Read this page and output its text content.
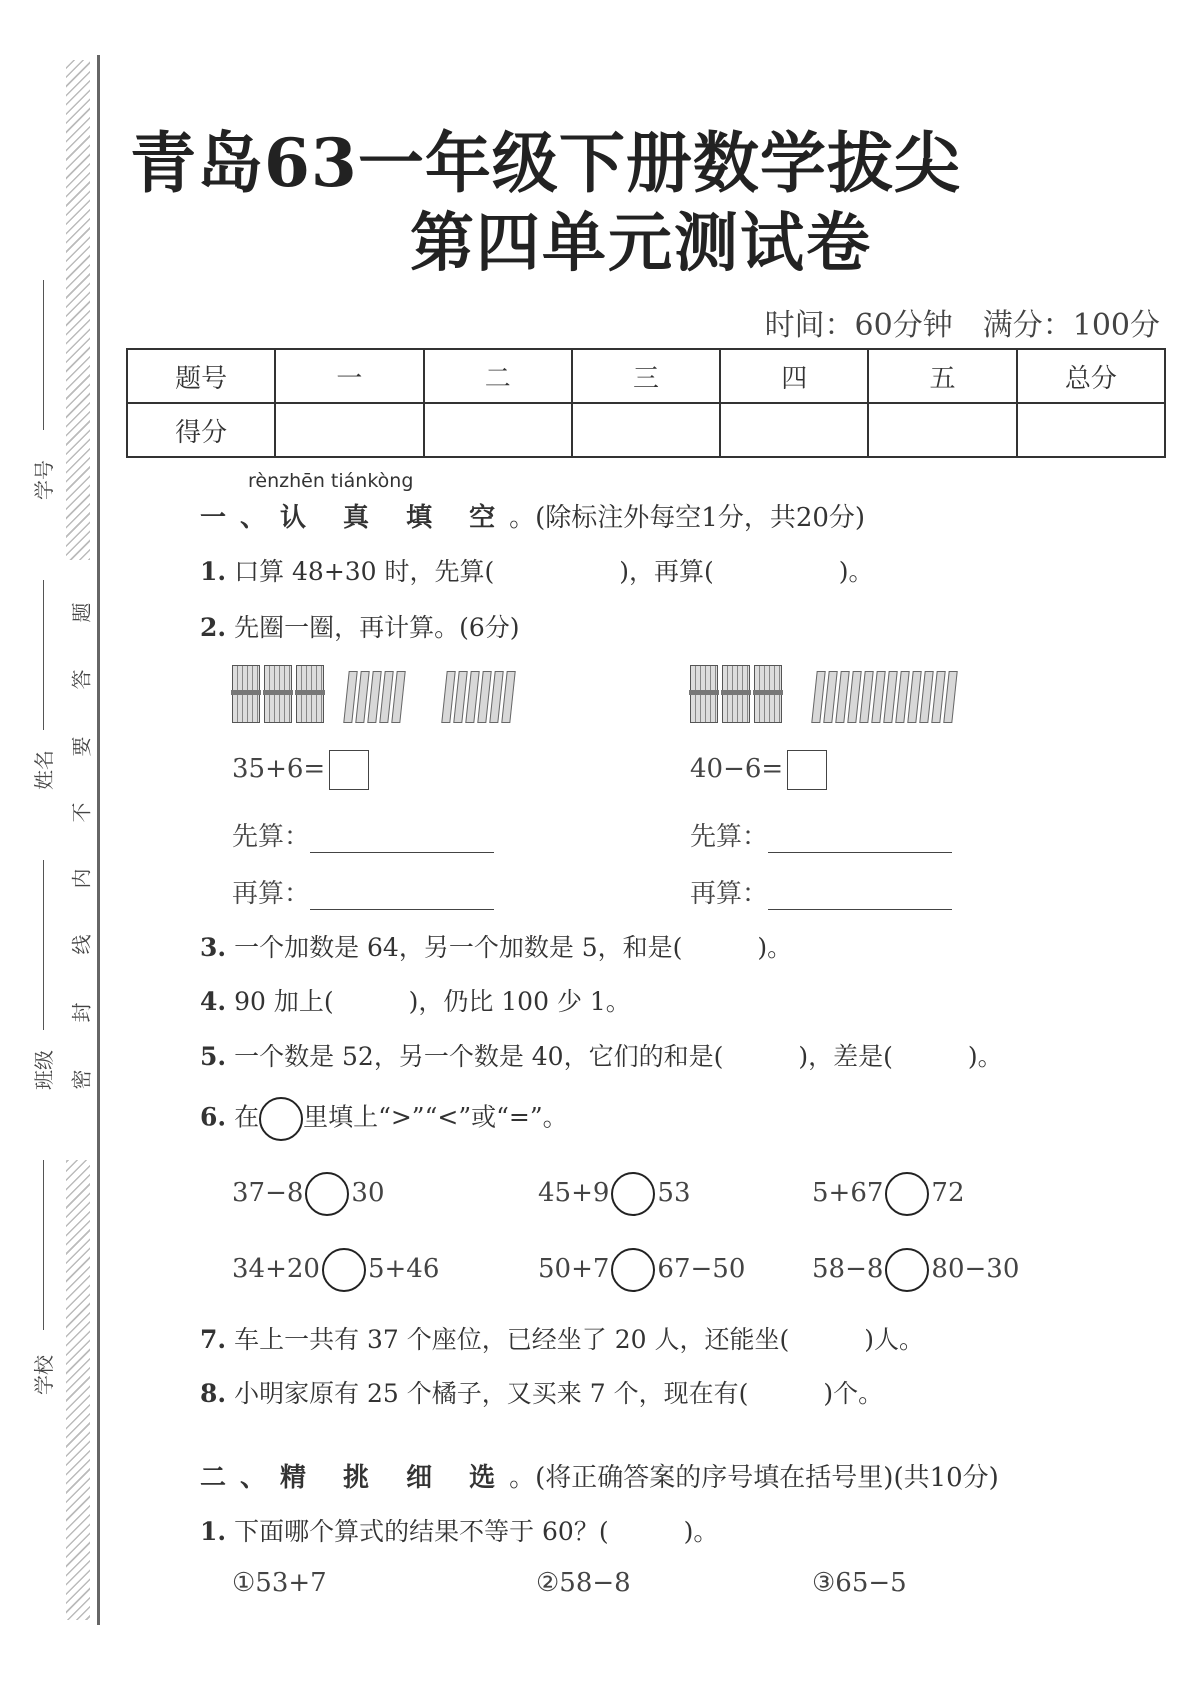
学号
姓名
班级
学校
密
封
线
内
不
要
答
题
青岛63一年级下册数学拔尖
第四单元测试卷
时间：60分钟　满分：100分
题号	一	二	三	四	五	总分
得分						
rènzhēn tiánkòng
一、认 真 填 空。(除标注外每空1分，共20分)
1. 口算 48+30 时，先算(　　　　　)，再算(　　　　　)。
2. 先圈一圈，再计算。(6分)

35+6=	40−6=
先算：	先算：
再算：	再算：
3. 一个加数是 64，另一个加数是 5，和是(　　　)。
4. 90 加上(　　　)，仍比 100 少 1。
5. 一个数是 52，另一个数是 40，它们的和是(　　　)，差是(　　　)。
6. 在 里填上“>”“<”或“=”。
37−8 30	45+9 53	5+67 72
34+20 5+46	50+7 67−50	58−8 80−30
7. 车上一共有 37 个座位，已经坐了 20 人，还能坐(　　　)人。
8. 小明家原有 25 个橘子，又买来 7 个，现在有(　　　)个。
二、精 挑 细 选。(将正确答案的序号填在括号里)(共10分)
1. 下面哪个算式的结果不等于 60？(　　　)。
①53+7	②58−8	③65−5
